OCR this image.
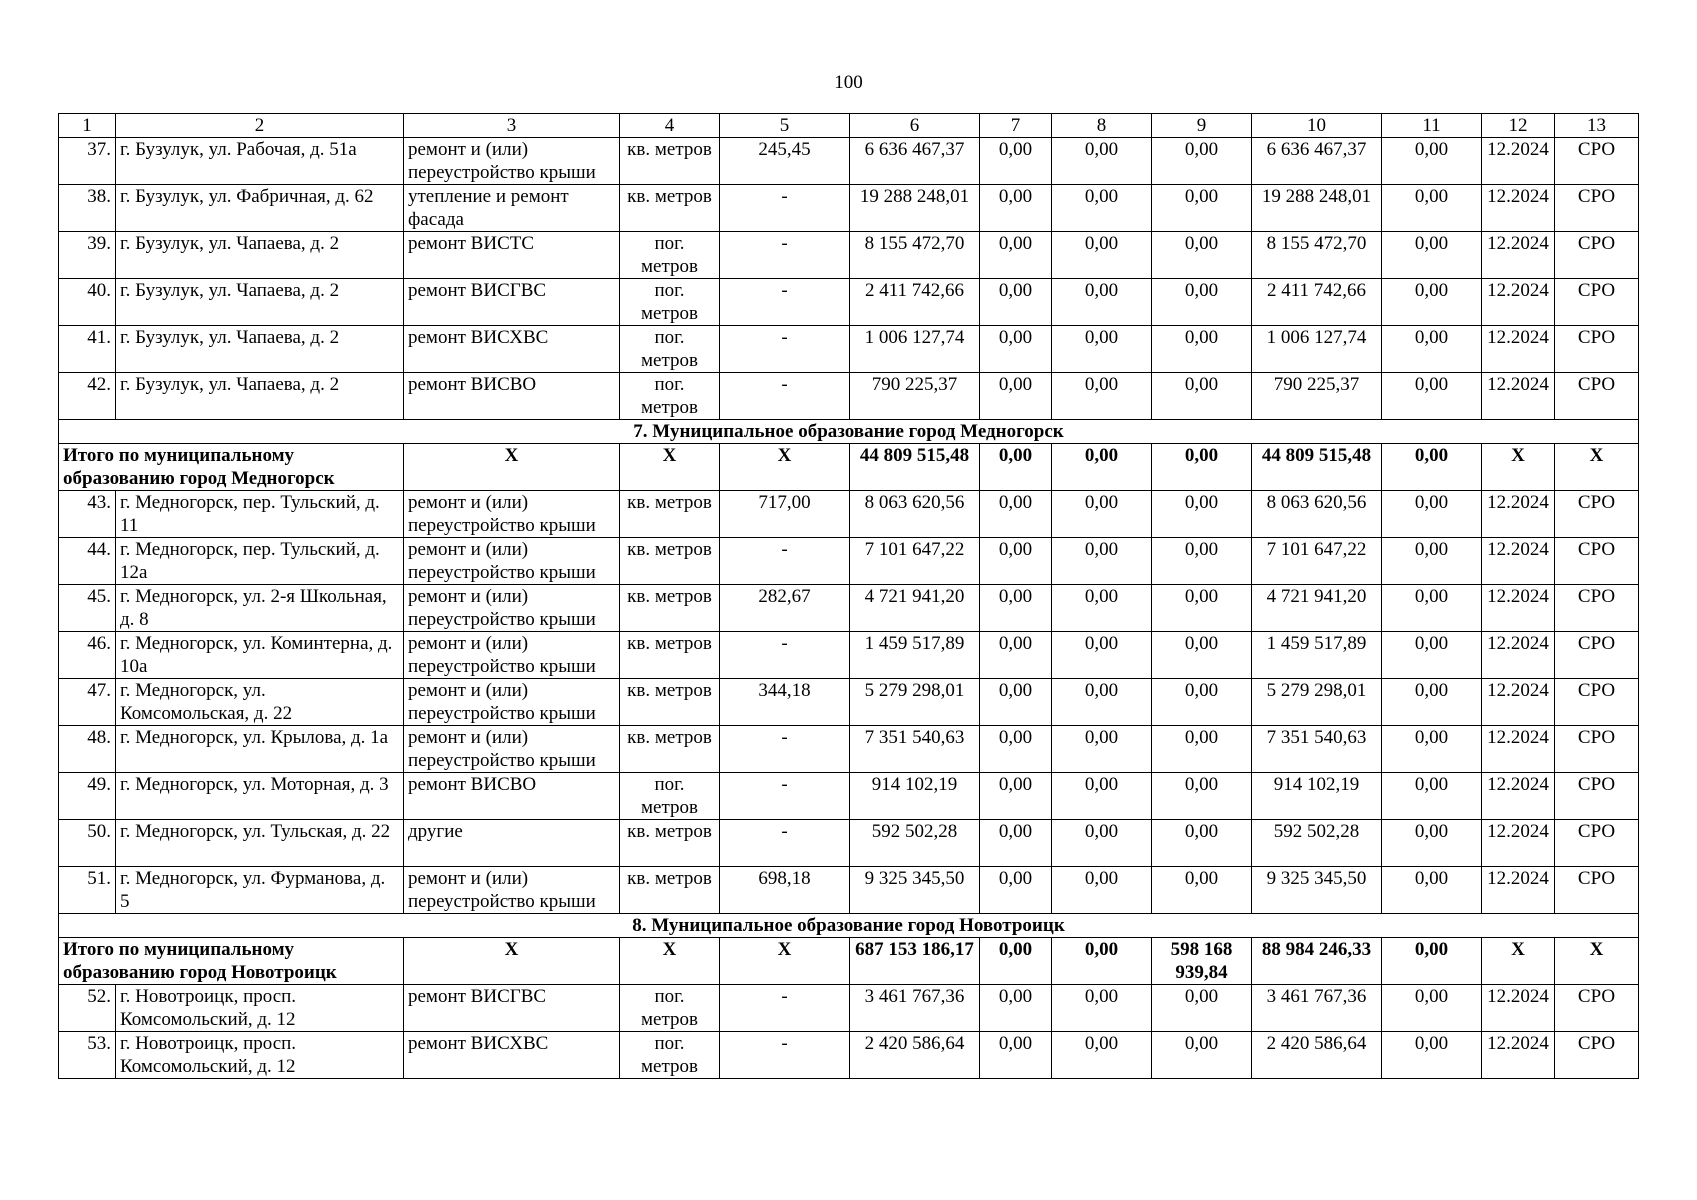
100
1	2	3	4	5	6	7	8	9	10	11	12	13
37.	г. Бузулук, ул. Рабочая, д. 51а	ремонт и (или) переустройство крыши	кв. метров	245,45	6 636 467,37	0,00	0,00	0,00	6 636 467,37	0,00	12.2024	СРО
38.	г. Бузулук, ул. Фабричная, д. 62	утепление и ремонт фасада	кв. метров	-	19 288 248,01	0,00	0,00	0,00	19 288 248,01	0,00	12.2024	СРО
39.	г. Бузулук, ул. Чапаева, д. 2	ремонт ВИСТС	пог. метров	-	8 155 472,70	0,00	0,00	0,00	8 155 472,70	0,00	12.2024	СРО
40.	г. Бузулук, ул. Чапаева, д. 2	ремонт ВИСГВС	пог. метров	-	2 411 742,66	0,00	0,00	0,00	2 411 742,66	0,00	12.2024	СРО
41.	г. Бузулук, ул. Чапаева, д. 2	ремонт ВИСХВС	пог. метров	-	1 006 127,74	0,00	0,00	0,00	1 006 127,74	0,00	12.2024	СРО
42.	г. Бузулук, ул. Чапаева, д. 2	ремонт ВИСВО	пог. метров	-	790 225,37	0,00	0,00	0,00	790 225,37	0,00	12.2024	СРО
7. Муниципальное образование город Медногорск												
Итого по муниципальному образованию город Медногорск		Х	Х	Х	44 809 515,48	0,00	0,00	0,00	44 809 515,48	0,00	Х	Х
43.	г. Медногорск, пер. Тульский, д. 11	ремонт и (или) переустройство крыши	кв. метров	717,00	8 063 620,56	0,00	0,00	0,00	8 063 620,56	0,00	12.2024	СРО
44.	г. Медногорск, пер. Тульский, д. 12а	ремонт и (или) переустройство крыши	кв. метров	-	7 101 647,22	0,00	0,00	0,00	7 101 647,22	0,00	12.2024	СРО
45.	г. Медногорск, ул. 2-я Школьная, д. 8	ремонт и (или) переустройство крыши	кв. метров	282,67	4 721 941,20	0,00	0,00	0,00	4 721 941,20	0,00	12.2024	СРО
46.	г. Медногорск, ул. Коминтерна, д. 10а	ремонт и (или) переустройство крыши	кв. метров	-	1 459 517,89	0,00	0,00	0,00	1 459 517,89	0,00	12.2024	СРО
47.	г. Медногорск, ул. Комсомольская, д. 22	ремонт и (или) переустройство крыши	кв. метров	344,18	5 279 298,01	0,00	0,00	0,00	5 279 298,01	0,00	12.2024	СРО
48.	г. Медногорск, ул. Крылова, д. 1а	ремонт и (или) переустройство крыши	кв. метров	-	7 351 540,63	0,00	0,00	0,00	7 351 540,63	0,00	12.2024	СРО
49.	г. Медногорск, ул. Моторная, д. 3	ремонт ВИСВО	пог. метров	-	914 102,19	0,00	0,00	0,00	914 102,19	0,00	12.2024	СРО
50.	г. Медногорск, ул. Тульская, д. 22	другие	кв. метров	-	592 502,28	0,00	0,00	0,00	592 502,28	0,00	12.2024	СРО
51.	г. Медногорск, ул. Фурманова, д. 5	ремонт и (или) переустройство крыши	кв. метров	698,18	9 325 345,50	0,00	0,00	0,00	9 325 345,50	0,00	12.2024	СРО
8. Муниципальное образование город Новотроицк												
Итого по муниципальному образованию город Новотроицк		Х	Х	Х	687 153 186,17	0,00	0,00	598 168 939,84	88 984 246,33	0,00	Х	Х
52.	г. Новотроицк, просп. Комсомольский, д. 12	ремонт ВИСГВС	пог. метров	-	3 461 767,36	0,00	0,00	0,00	3 461 767,36	0,00	12.2024	СРО
53.	г. Новотроицк, просп. Комсомольский, д. 12	ремонт ВИСХВС	пог. метров	-	2 420 586,64	0,00	0,00	0,00	2 420 586,64	0,00	12.2024	СРО
